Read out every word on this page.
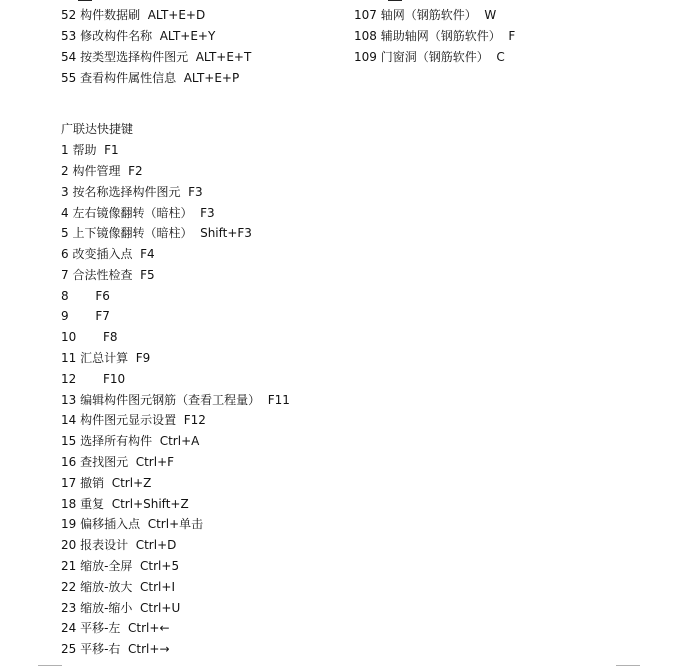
52 构件数据刷  ALT+E+D
53 修改构件名称  ALT+E+Y
54 按类型选择构件图元  ALT+E+T
55 查看构件属性信息  ALT+E+P
107 轴网（钢筋软件）  W
108 辅助轴网（钢筋软件）  F
109 门窗洞（钢筋软件）  C
广联达快捷键
1 帮助  F1
2 构件管理  F2
3 按名称选择构件图元  F3
4 左右镜像翻转（暗柱）  F3
5 上下镜像翻转（暗柱）  Shift+F3
6 改变插入点  F4
7 合法性检查  F5
8       F6
9       F7
10       F8
11 汇总计算  F9
12       F10
13 编辑构件图元钢筋（查看工程量）  F11
14 构件图元显示设置  F12
15 选择所有构件  Ctrl+A
16 查找图元  Ctrl+F
17 撤销  Ctrl+Z
18 重复  Ctrl+Shift+Z
19 偏移插入点  Ctrl+单击
20 报表设计  Ctrl+D
21 缩放-全屏  Ctrl+5
22 缩放-放大  Ctrl+I
23 缩放-缩小  Ctrl+U
24 平移-左  Ctrl+←
25 平移-右  Ctrl+→
